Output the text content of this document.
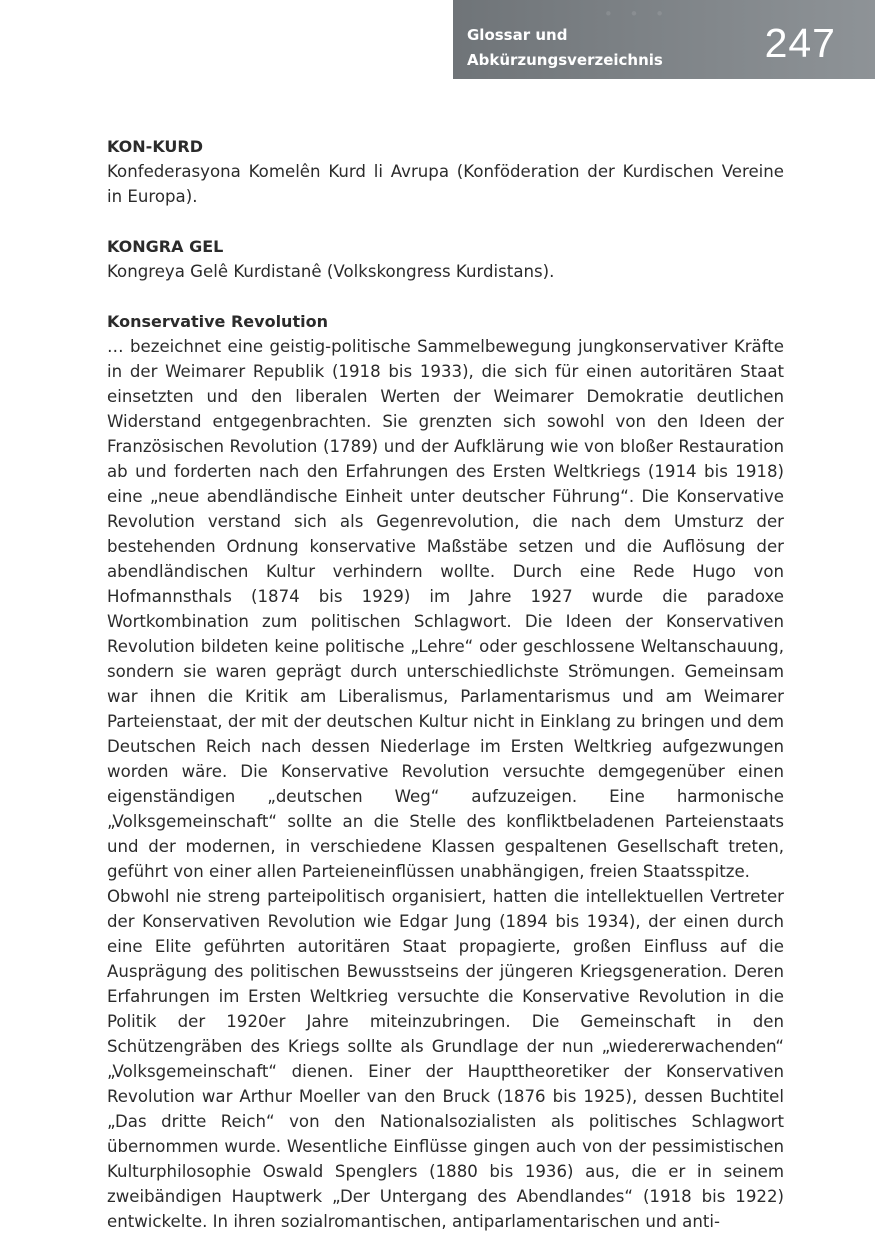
· · ·
Glossar und
Abkürzungsverzeichnis 247
KON-KURD

Konfederasyona Komelên Kurd li Avrupa (Konföderation der Kurdischen Vereine in Europa).

KONGRA GEL

Kongreya Gelê Kurdistanê (Volkskongress Kurdistans).

Konservative Revolution

… bezeichnet eine geistig-politische Sammelbewegung jungkonservativer Kräfte in der Weimarer Republik (1918 bis 1933), die sich für einen autoritären Staat einsetzten und den liberalen Werten der Weimarer Demokratie deutlichen Widerstand entgegenbrachten. Sie grenzten sich sowohl von den Ideen der Französischen Revolution (1789) und der Aufklärung wie von bloßer Restauration ab und forderten nach den Erfahrungen des Ersten Weltkriegs (1914 bis 1918) eine „neue abendländische Einheit unter deutscher Führung“. Die Konservative Revolution verstand sich als Gegenrevolution, die nach dem Umsturz der bestehenden Ordnung konservative Maßstäbe setzen und die Auflösung der abendländischen Kultur verhindern wollte. Durch eine Rede Hugo von Hofmannsthals (1874 bis 1929) im Jahre 1927 wurde die paradoxe Wortkombination zum politischen Schlagwort. Die Ideen der Konservativen Revolution bildeten keine politische „Lehre“ oder geschlossene Weltanschauung, sondern sie waren geprägt durch unterschiedlichste Strömungen. Gemeinsam war ihnen die Kritik am Liberalismus, Parlamentarismus und am Weimarer Parteienstaat, der mit der deutschen Kultur nicht in Einklang zu bringen und dem Deutschen Reich nach dessen Niederlage im Ersten Weltkrieg aufgezwungen worden wäre. Die Konservative Revolution versuchte demgegenüber einen eigenständigen „deutschen Weg“ aufzuzeigen. Eine harmonische „Volksgemeinschaft“ sollte an die Stelle des konfliktbeladenen Parteienstaats und der modernen, in verschiedene Klassen gespaltenen Gesellschaft treten, geführt von einer allen Parteieneinflüssen unabhängigen, freien Staatsspitze.

Obwohl nie streng parteipolitisch organisiert, hatten die intellektuellen Vertreter der Konservativen Revolution wie Edgar Jung (1894 bis 1934), der einen durch eine Elite geführten autoritären Staat propagierte, großen Einfluss auf die Ausprägung des politischen Bewusstseins der jüngeren Kriegsgeneration. Deren Erfahrungen im Ersten Weltkrieg versuchte die Konservative Revolution in die Politik der 1920er Jahre miteinzubringen. Die Gemeinschaft in den Schützengräben des Kriegs sollte als Grundlage der nun „wiedererwachenden“ „Volksgemeinschaft“ dienen. Einer der Haupttheoretiker der Konservativen Revolution war Arthur Moeller van den Bruck (1876 bis 1925), dessen Buchtitel „Das dritte Reich“ von den Nationalsozialisten als politisches Schlagwort übernommen wurde. Wesentliche Einflüsse gingen auch von der pessimistischen Kulturphilosophie Oswald Spenglers (1880 bis 1936) aus, die er in seinem zweibändigen Hauptwerk „Der Untergang des Abendlandes“ (1918 bis 1922) entwickelte. In ihren sozialromantischen, antiparlamentarischen und anti-
